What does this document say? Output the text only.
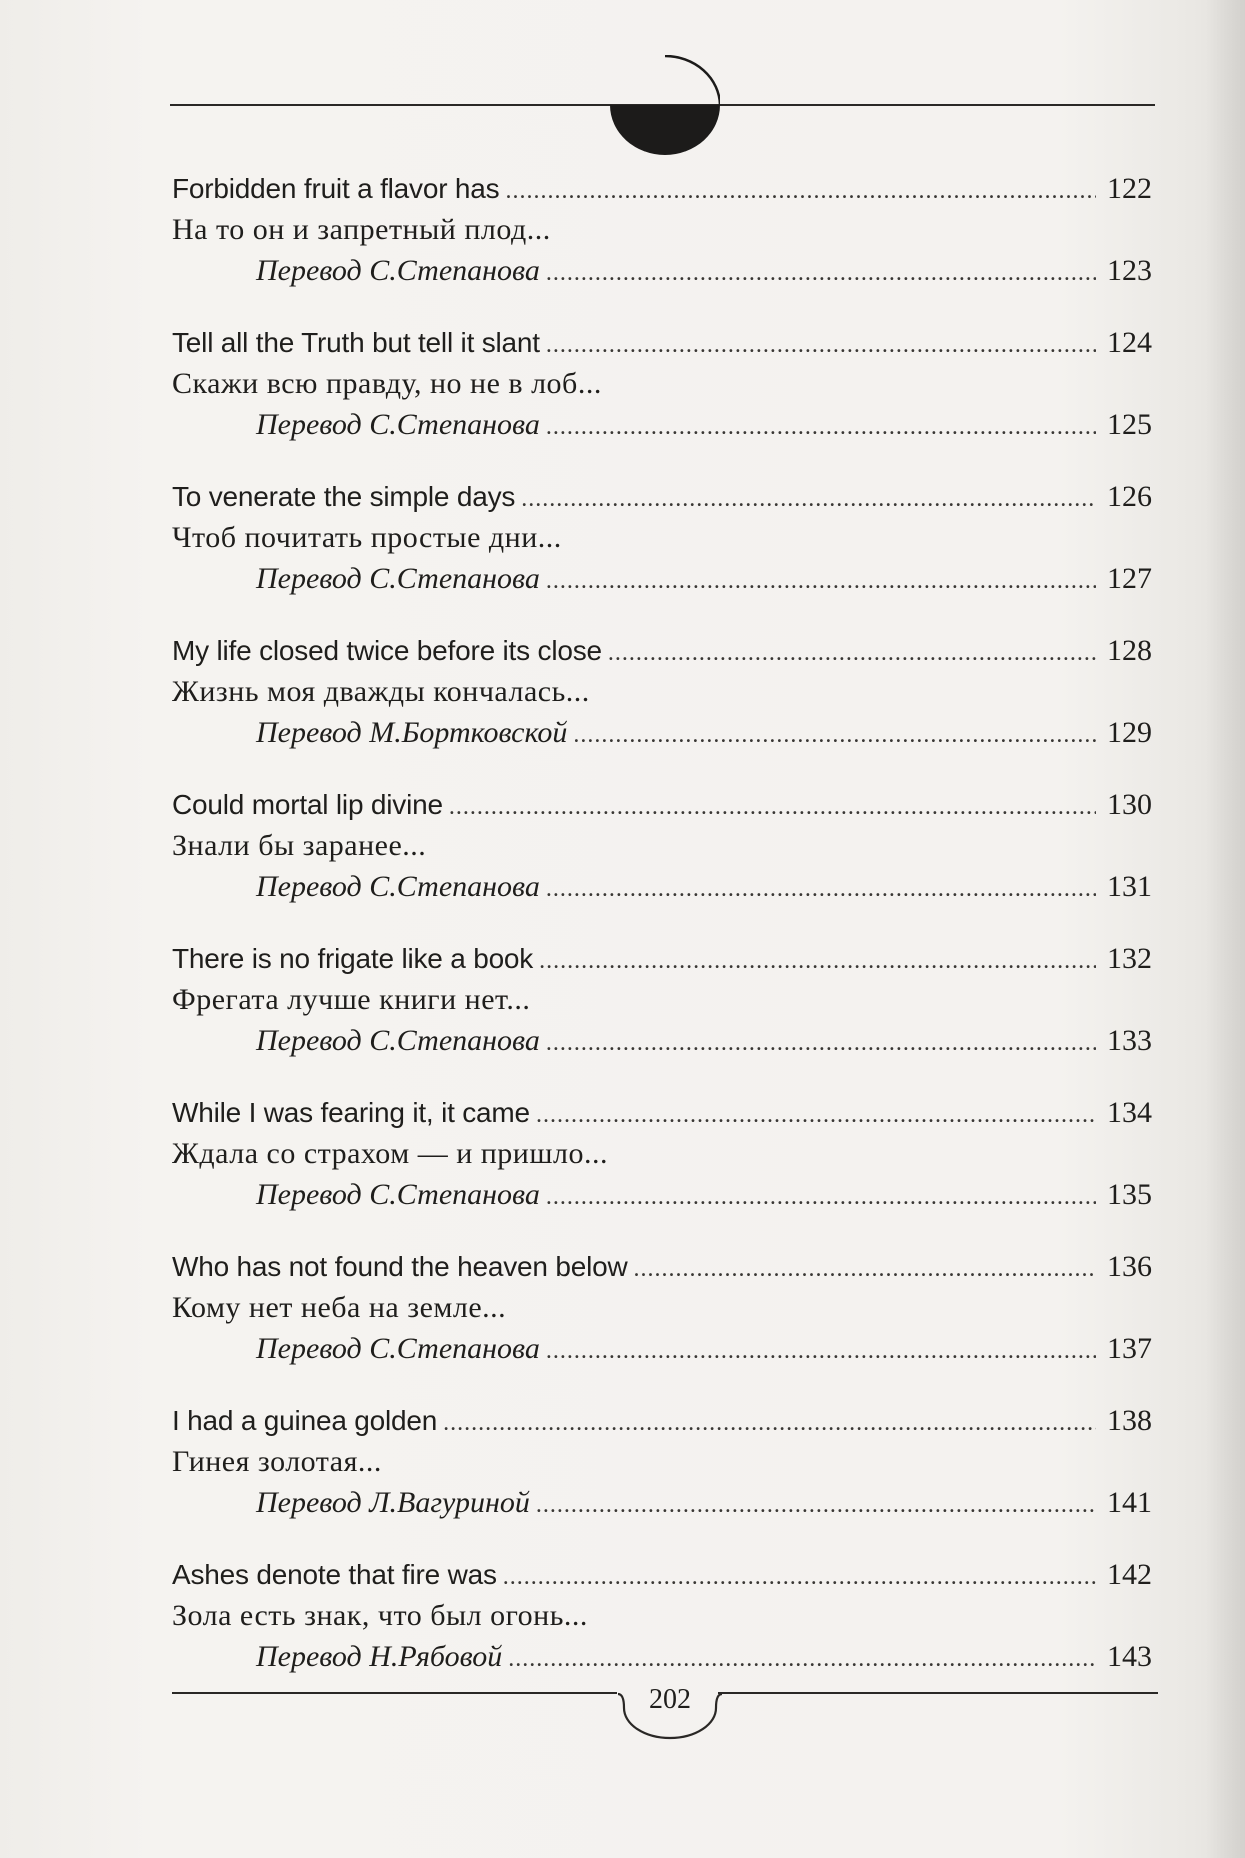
Forbidden fruit a flavor has .....	122
На то он и запретный плод...
Перевод С.Степанова .....	123
Tell all the Truth but tell it slant .....	124
Скажи всю правду, но не в лоб...
Перевод С.Степанова .....	125
To venerate the simple days .....	126
Чтоб почитать простые дни...
Перевод С.Степанова .....	127
My life closed twice before its close .....	128
Жизнь моя дважды кончалась...
Перевод М.Бортковской .....	129
Could mortal lip divine .....	130
Знали бы заранее...
Перевод С.Степанова .....	131
There is no frigate like a book .....	132
Фрегата лучше книги нет...
Перевод С.Степанова .....	133
While I was fearing it, it came .....	134
Ждала со страхом — и пришло...
Перевод С.Степанова .....	135
Who has not found the heaven below .....	136
Кому нет неба на земле...
Перевод С.Степанова .....	137
I had a guinea golden .....	138
Гинея золотая...
Перевод Л.Вагуриной .....	141
Ashes denote that fire was .....	142
Зола есть знак, что был огонь...
Перевод Н.Рябовой .....	143
202
